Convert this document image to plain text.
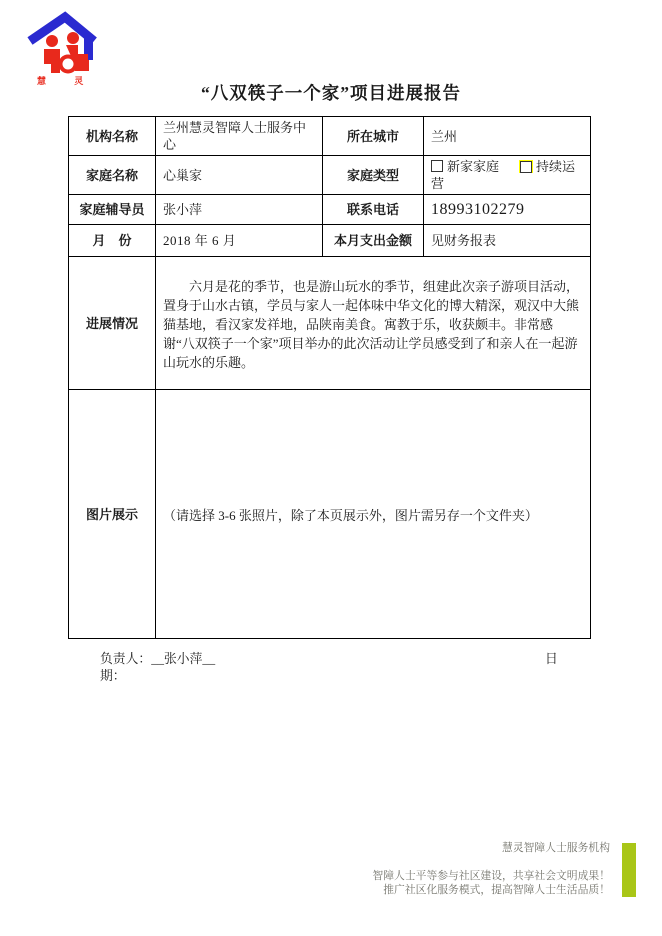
慧 灵
“八双筷子一个家”项目进展报告
机构名称	兰州慧灵智障人士服务中心	所在城市	兰州
家庭名称	心巢家	家庭类型	新家家庭 持续运营
家庭辅导员	张小萍	联系电话	18993102279
月　份	2018 年 6 月	本月支出金额	见财务报表
进展情况	六月是花的季节，也是游山玩水的季节，组建此次亲子游项目活动，置身于山水古镇，学员与家人一起体味中华文化的博大精深，观汉中大熊猫基地，看汉家发祥地，品陕南美食。寓教于乐，收获颇丰。非常感谢“八双筷子一个家”项目举办的此次活动让学员感受到了和亲人在一起游山玩水的乐趣。		

图片展示	（请选择 3-6 张照片，除了本页展示外，图片需另存一个文件夹）		

负责人：__张小萍__	日

期：
慧灵智障人士服务机构
智障人士平等参与社区建设，共享社会文明成果！
推广社区化服务模式，提高智障人士生活品质！
